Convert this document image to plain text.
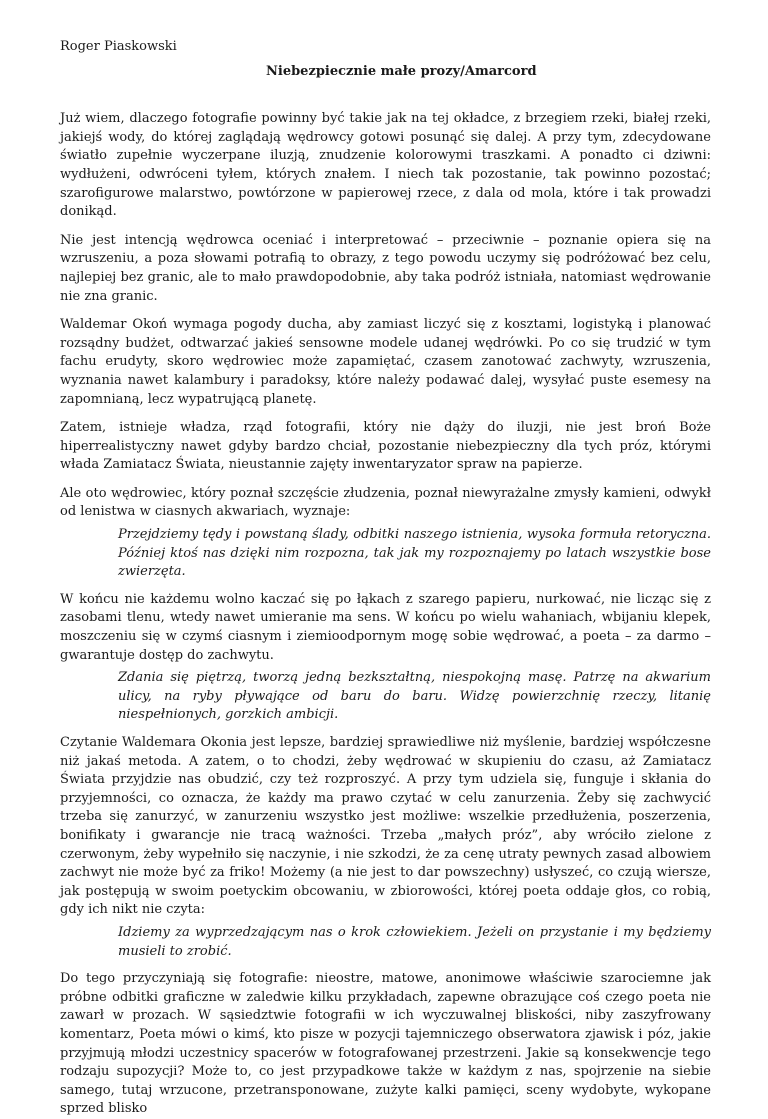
Roger Piaskowski
Niebezpiecznie małe prozy/Amarcord

Już wiem, dlaczego fotografie powinny być takie jak na tej okładce, z brzegiem rzeki, białej rzeki, jakiejś wody, do której zaglądają wędrowcy gotowi posunąć się dalej. A przy tym, zdecydowane światło zupełnie wyczerpane iluzją, znudzenie kolorowymi traszkami. A ponadto ci dziwni: wydłużeni, odwróceni tyłem, których znałem. I niech tak pozostanie, tak powinno pozostać; szarofigurowe malarstwo, powtórzone w papierowej rzece, z dala od mola, które i tak prowadzi donikąd.

Nie jest intencją wędrowca oceniać i interpretować – przeciwnie – poznanie opiera się na wzruszeniu, a poza słowami potrafią to obrazy, z tego powodu uczymy się podróżować bez celu, najlepiej bez granic, ale to mało prawdopodobnie, aby taka podróż istniała, natomiast wędrowanie nie zna granic.

Waldemar Okoń wymaga pogody ducha, aby zamiast liczyć się z kosztami, logistyką i planować rozsądny budżet, odtwarzać jakieś sensowne modele udanej wędrówki. Po co się trudzić w tym fachu erudyty, skoro wędrowiec może zapamiętać, czasem zanotować zachwyty, wzruszenia, wyznania nawet kalambury i paradoksy, które należy podawać dalej, wysyłać puste esemesy na zapomnianą, lecz wypatrującą planetę.

Zatem, istnieje władza, rząd fotografii, który nie dąży do iluzji, nie jest broń Boże hiperrealistyczny nawet gdyby bardzo chciał, pozostanie niebezpieczny dla tych próz, którymi włada Zamiatacz Świata, nieustannie zajęty inwentaryzator spraw na papierze.

Ale oto wędrowiec, który poznał szczęście złudzenia, poznał niewyrażalne zmysły kamieni, odwykł od lenistwa w ciasnych akwariach, wyznaje:

Przejdziemy tędy i powstaną ślady, odbitki naszego istnienia, wysoka formuła retoryczna. Później ktoś nas dzięki nim rozpozna, tak jak my rozpoznajemy po latach wszystkie bose zwierzęta.

W końcu nie każdemu wolno kaczać się po łąkach z szarego papieru, nurkować, nie licząc się z zasobami tlenu, wtedy nawet umieranie ma sens. W końcu po wielu wahaniach, wbijaniu klepek, moszczeniu się w czymś ciasnym i ziemioodpornym mogę sobie wędrować, a poeta – za darmo – gwarantuje dostęp do zachwytu.

Zdania się piętrzą, tworzą jedną bezkształtną, niespokojną masę. Patrzę na akwarium ulicy, na ryby pływające od baru do baru. Widzę powierzchnię rzeczy, litanię niespełnionych, gorzkich ambicji.

Czytanie Waldemara Okonia jest lepsze, bardziej sprawiedliwe niż myślenie, bardziej współczesne niż jakaś metoda. A zatem, o to chodzi, żeby wędrować w skupieniu do czasu, aż Zamiatacz Świata przyjdzie nas obudzić, czy też rozproszyć. A przy tym udziela się, funguje i skłania do przyjemności, co oznacza, że każdy ma prawo czytać w celu zanurzenia. Żeby się zachwycić trzeba się zanurzyć, w zanurzeniu wszystko jest możliwe: wszelkie przedłużenia, poszerzenia, bonifikaty i gwarancje nie tracą ważności. Trzeba „małych próz”, aby wróciło zielone z czerwonym, żeby wypełniło się naczynie, i nie szkodzi, że za cenę utraty pewnych zasad albowiem zachwyt nie może być za friko! Możemy (a nie jest to dar powszechny) usłyszeć, co czują wiersze, jak postępują w swoim poetyckim obcowaniu, w zbiorowości, której poeta oddaje głos, co robią, gdy ich nikt nie czyta:

Idziemy za wyprzedzającym nas o krok człowiekiem. Jeżeli on przystanie i my będziemy musieli to zrobić.

Do tego przyczyniają się fotografie: nieostre, matowe, anonimowe właściwie szarociemne jak próbne odbitki graficzne w zaledwie kilku przykładach, zapewne obrazujące coś czego poeta nie zawarł w prozach. W sąsiedztwie fotografii w ich wyczuwalnej bliskości, niby zaszyfrowany komentarz, Poeta mówi o kimś, kto pisze w pozycji tajemniczego obserwatora zjawisk i póz, jakie przyjmują młodzi uczestnicy spacerów w fotografowanej przestrzeni. Jakie są konsekwencje tego rodzaju supozycji? Może to, co jest przypadkowe także w każdym z nas, spojrzenie na siebie samego, tutaj wrzucone, przetransponowane, zużyte kalki pamięci, sceny wydobyte, wykopane sprzed blisko
